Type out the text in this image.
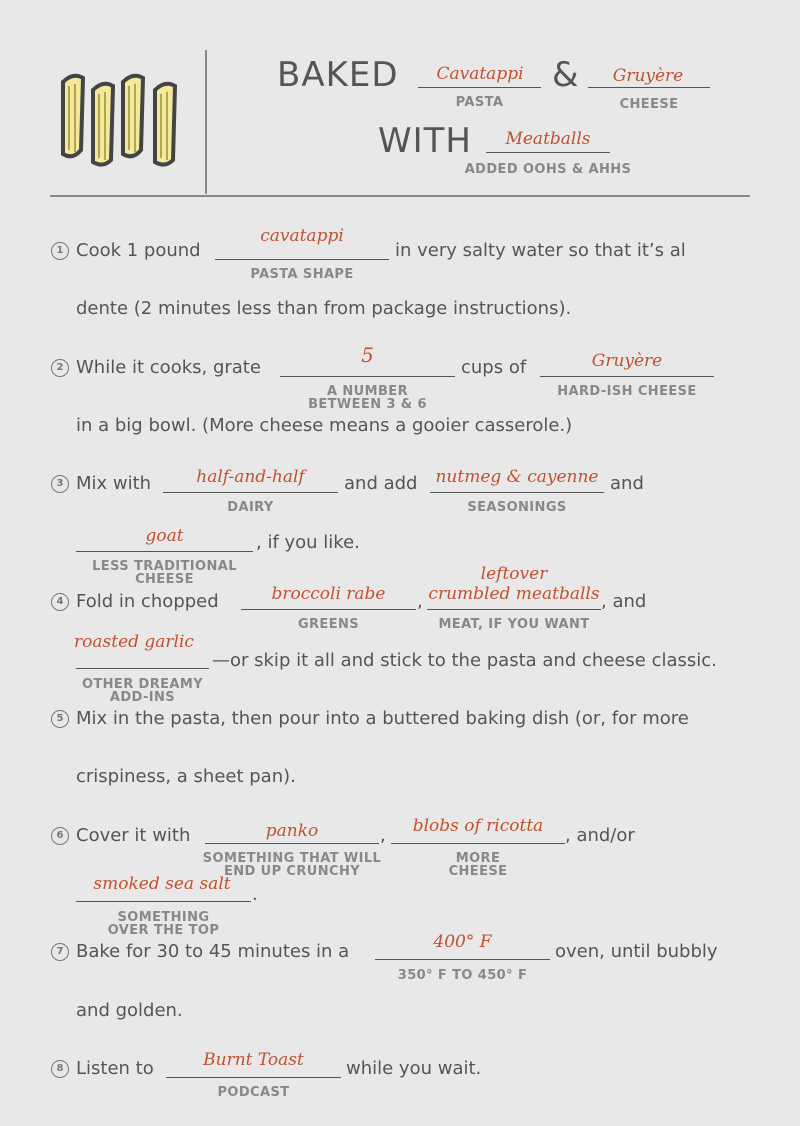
BAKED	Cavatappi
PASTA
&	Gruyère
CHEESE
WITH	Meatballs
ADDED OOHS & AHHS
1 Cook 1 pound
cavatappi
PASTA SHAPE
in very salty water so that it’s al
dente (2 minutes less than from package instructions).
2 While it cooks, grate
5
A NUMBER
BETWEEN 3 & 6
cups of	Gruyère
HARD-ISH CHEESE
in a big bowl. (More cheese means a gooier casserole.)
3 Mix with	half-and-half
DAIRY
and add	nutmeg & cayenne
SEASONINGS
and
goat
LESS TRADITIONAL
CHEESE
, if you like.
4 Fold in chopped	broccoli rabe
GREENS
,
leftover
crumbled meatballs
MEAT, IF YOU WANT
, and
roasted garlic
OTHER DREAMY
ADD-INS
—or skip it all and stick to the pasta and cheese classic.
5 Mix in the pasta, then pour into a buttered baking dish (or, for more
crispiness, a sheet pan).
6 Cover it with	panko
SOMETHING THAT WILL
END UP CRUNCHY
,	blobs of ricotta
MORE
CHEESE
, and/or
smoked sea salt
SOMETHING
OVER THE TOP
.
7 Bake for 30 to 45 minutes in a	400° F
350° F TO 450° F
oven, until bubbly
and golden.
8 Listen to	Burnt Toast
PODCAST
while you wait.
